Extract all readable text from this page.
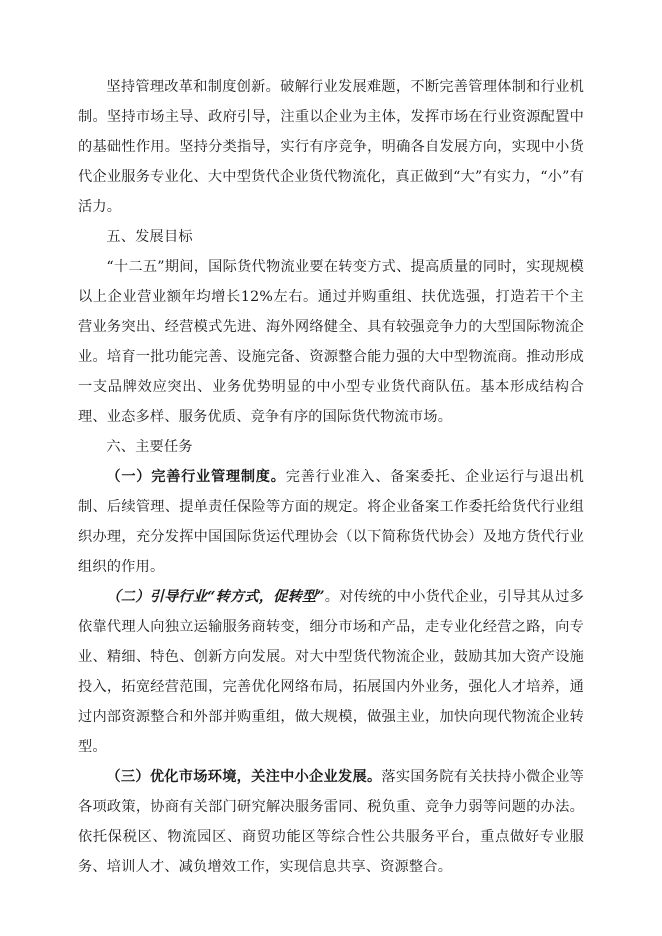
坚持管理改革和制度创新。破解行业发展难题，不断完善管理体制和行业机制。坚持市场主导、政府引导，注重以企业为主体，发挥市场在行业资源配置中的基础性作用。坚持分类指导，实行有序竞争，明确各自发展方向，实现中小货代企业服务专业化、大中型货代企业货代物流化，真正做到“大”有实力，“小”有活力。

五、发展目标

“十二五”期间，国际货代物流业要在转变方式、提高质量的同时，实现规模以上企业营业额年均增长12%左右。通过并购重组、扶优选强，打造若干个主营业务突出、经营模式先进、海外网络健全、具有较强竞争力的大型国际物流企业。培育一批功能完善、设施完备、资源整合能力强的大中型物流商。推动形成一支品牌效应突出、业务优势明显的中小型专业货代商队伍。基本形成结构合理、业态多样、服务优质、竞争有序的国际货代物流市场。

六、主要任务

（一）完善行业管理制度。完善行业准入、备案委托、企业运行与退出机制、后续管理、提单责任保险等方面的规定。将企业备案工作委托给货代行业组织办理，充分发挥中国国际货运代理协会（以下简称货代协会）及地方货代行业组织的作用。

（二）引导行业“转方式，促转型”。对传统的中小货代企业，引导其从过多依靠代理人向独立运输服务商转变，细分市场和产品，走专业化经营之路，向专业、精细、特色、创新方向发展。对大中型货代物流企业，鼓励其加大资产设施投入，拓宽经营范围，完善优化网络布局，拓展国内外业务，强化人才培养，通过内部资源整合和外部并购重组，做大规模，做强主业，加快向现代物流企业转型。

（三）优化市场环境，关注中小企业发展。落实国务院有关扶持小微企业等各项政策，协商有关部门研究解决服务雷同、税负重、竞争力弱等问题的办法。依托保税区、物流园区、商贸功能区等综合性公共服务平台，重点做好专业服务、培训人才、减负增效工作，实现信息共享、资源整合。
